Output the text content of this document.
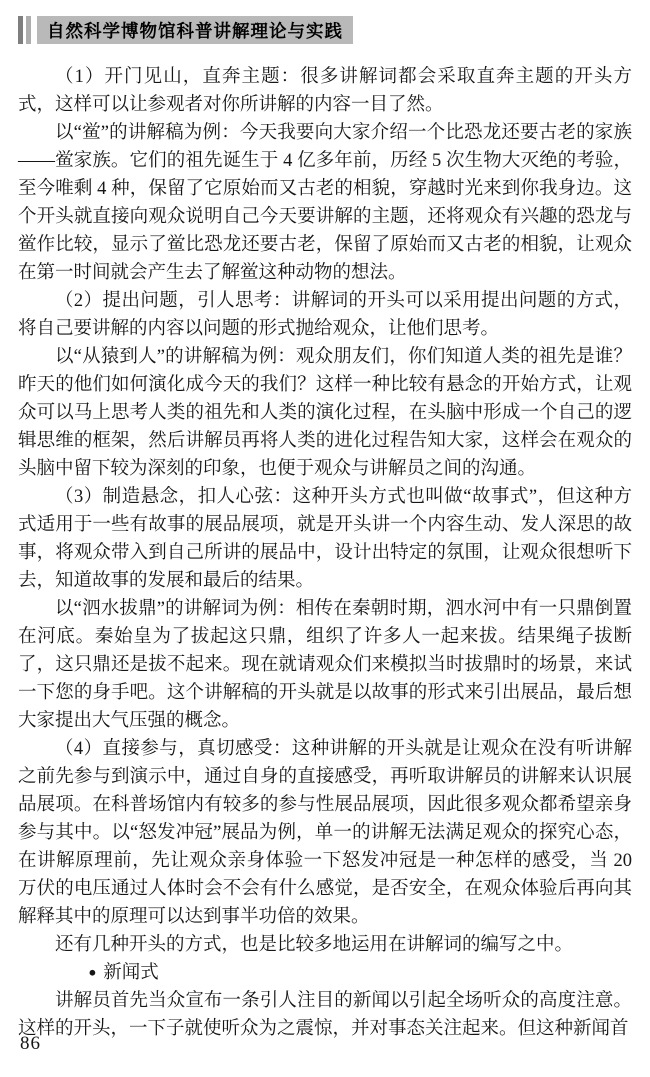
自然科学博物馆科普讲解理论与实践

（1）开门见山，直奔主题：很多讲解词都会采取直奔主题的开头方式，这样可以让参观者对你所讲解的内容一目了然。

以“鲎”的讲解稿为例：今天我要向大家介绍一个比恐龙还要古老的家族——鲎家族。它们的祖先诞生于 4 亿多年前，历经 5 次生物大灭绝的考验，至今唯剩 4 种，保留了它原始而又古老的相貌，穿越时光来到你我身边。这个开头就直接向观众说明自己今天要讲解的主题，还将观众有兴趣的恐龙与鲎作比较，显示了鲎比恐龙还要古老，保留了原始而又古老的相貌，让观众在第一时间就会产生去了解鲎这种动物的想法。

（2）提出问题，引人思考：讲解词的开头可以采用提出问题的方式，将自己要讲解的内容以问题的形式抛给观众，让他们思考。

以“从猿到人”的讲解稿为例：观众朋友们，你们知道人类的祖先是谁？昨天的他们如何演化成今天的我们？这样一种比较有悬念的开始方式，让观众可以马上思考人类的祖先和人类的演化过程，在头脑中形成一个自己的逻辑思维的框架，然后讲解员再将人类的进化过程告知大家，这样会在观众的头脑中留下较为深刻的印象，也便于观众与讲解员之间的沟通。

（3）制造悬念，扣人心弦：这种开头方式也叫做“故事式”，但这种方式适用于一些有故事的展品展项，就是开头讲一个内容生动、发人深思的故事，将观众带入到自己所讲的展品中，设计出特定的氛围，让观众很想听下去，知道故事的发展和最后的结果。

以“泗水拔鼎”的讲解词为例：相传在秦朝时期，泗水河中有一只鼎倒置在河底。秦始皇为了拔起这只鼎，组织了许多人一起来拔。结果绳子拔断了，这只鼎还是拔不起来。现在就请观众们来模拟当时拔鼎时的场景，来试一下您的身手吧。这个讲解稿的开头就是以故事的形式来引出展品，最后想大家提出大气压强的概念。

（4）直接参与，真切感受：这种讲解的开头就是让观众在没有听讲解之前先参与到演示中，通过自身的直接感受，再听取讲解员的讲解来认识展品展项。在科普场馆内有较多的参与性展品展项，因此很多观众都希望亲身参与其中。以“怒发冲冠”展品为例，单一的讲解无法满足观众的探究心态，在讲解原理前，先让观众亲身体验一下怒发冲冠是一种怎样的感受，当 20 万伏的电压通过人体时会不会有什么感觉，是否安全，在观众体验后再向其解释其中的原理可以达到事半功倍的效果。

还有几种开头的方式，也是比较多地运用在讲解词的编写之中。

● 新闻式

讲解员首先当众宣布一条引人注目的新闻以引起全场听众的高度注意。这样的开头，一下子就使听众为之震惊，并对事态关注起来。但这种新闻首

86
